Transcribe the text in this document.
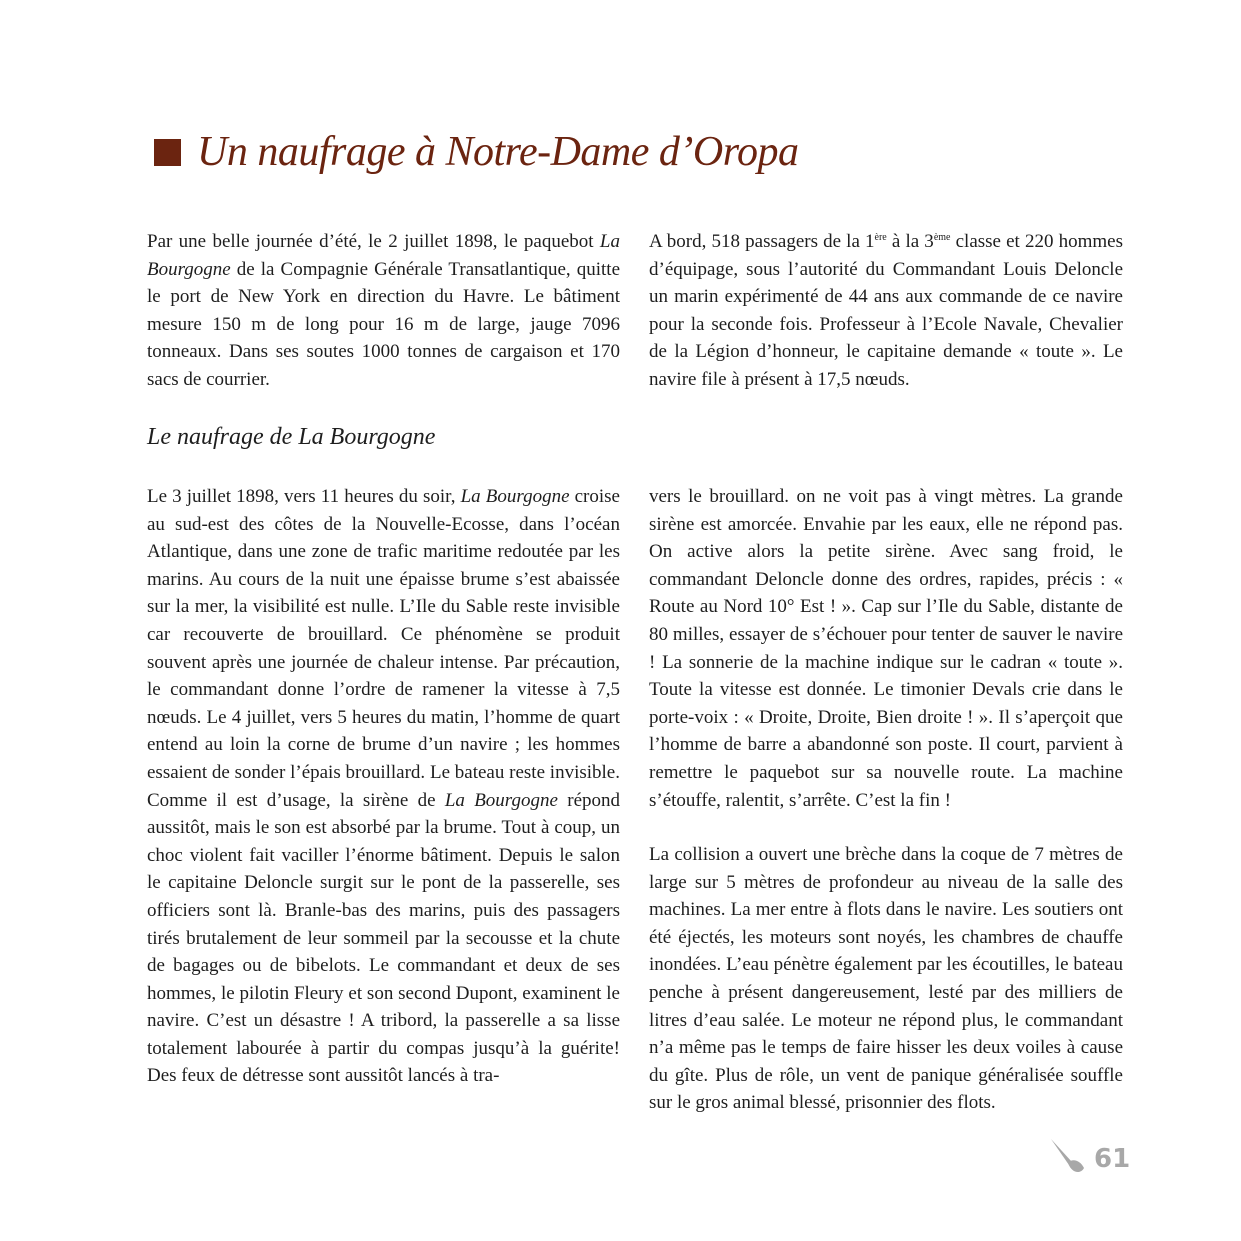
Un naufrage à Notre-Dame d’Oropa

Par une belle journée d’été, le 2 juillet 1898, le paquebot La Bourgogne de la Compagnie Générale Transatlantique, quitte le port de New York en direction du Havre. Le bâtiment mesure 150 m de long pour 16 m de large, jauge 7096 tonneaux. Dans ses soutes 1000 tonnes de cargaison et 170 sacs de courrier.

A bord, 518 passagers de la 1ère à la 3ème classe et 220 hommes d’équipage, sous l’autorité du Commandant Louis Deloncle un marin expérimenté de 44 ans aux commande de ce navire pour la seconde fois. Professeur à l’Ecole Navale, Chevalier de la Légion d’honneur, le capitaine demande « toute ». Le navire file à présent à 17,5 nœuds.

Le naufrage de La Bourgogne

Le 3 juillet 1898, vers 11 heures du soir, La Bourgogne croise au sud-est des côtes de la Nouvelle-Ecosse, dans l’océan Atlantique, dans une zone de trafic maritime redoutée par les marins. Au cours de la nuit une épaisse brume s’est abaissée sur la mer, la visibilité est nulle. L’Ile du Sable reste invisible car recouverte de brouillard. Ce phénomène se produit souvent après une journée de chaleur intense. Par précaution, le commandant donne l’ordre de ramener la vitesse à 7,5 nœuds. Le 4 juillet, vers 5 heures du matin, l’homme de quart entend au loin la corne de brume d’un navire ; les hommes essaient de sonder l’épais brouillard. Le bateau reste invisible. Comme il est d’usage, la sirène de La Bourgogne répond aussitôt, mais le son est absorbé par la brume. Tout à coup, un choc violent fait vaciller l’énorme bâtiment. Depuis le salon le capitaine Deloncle surgit sur le pont de la passerelle, ses officiers sont là. Branle-bas des marins, puis des passagers tirés brutalement de leur sommeil par la secousse et la chute de bagages ou de bibelots. Le commandant et deux de ses hommes, le pilotin Fleury et son second Dupont, examinent le navire. C’est un désastre ! A tribord, la passerelle a sa lisse totalement labourée à partir du compas jusqu’à la guérite! Des feux de détresse sont aussitôt lancés à tra-

vers le brouillard. on ne voit pas à vingt mètres. La grande sirène est amorcée. Envahie par les eaux, elle ne répond pas. On active alors la petite sirène. Avec sang froid, le commandant Deloncle donne des ordres, rapides, précis : « Route au Nord 10° Est ! ». Cap sur l’Ile du Sable, distante de 80 milles, essayer de s’échouer pour tenter de sauver le navire ! La sonnerie de la machine indique sur le cadran « toute ». Toute la vitesse est donnée. Le timonier Devals crie dans le porte-voix : « Droite, Droite, Bien droite ! ». Il s’aperçoit que l’homme de barre a abandonné son poste. Il court, parvient à remettre le paquebot sur sa nouvelle route. La machine s’étouffe, ralentit, s’arrête. C’est la fin !

La collision a ouvert une brèche dans la coque de 7 mètres de large sur 5 mètres de profondeur au niveau de la salle des machines. La mer entre à flots dans le navire. Les soutiers ont été éjectés, les moteurs sont noyés, les chambres de chauffe inondées. L’eau pénètre également par les écoutilles, le bateau penche à présent dangereusement, lesté par des milliers de litres d’eau salée. Le moteur ne répond plus, le commandant n’a même pas le temps de faire hisser les deux voiles à cause du gîte. Plus de rôle, un vent de panique généralisée souffle sur le gros animal blessé, prisonnier des flots.

61
